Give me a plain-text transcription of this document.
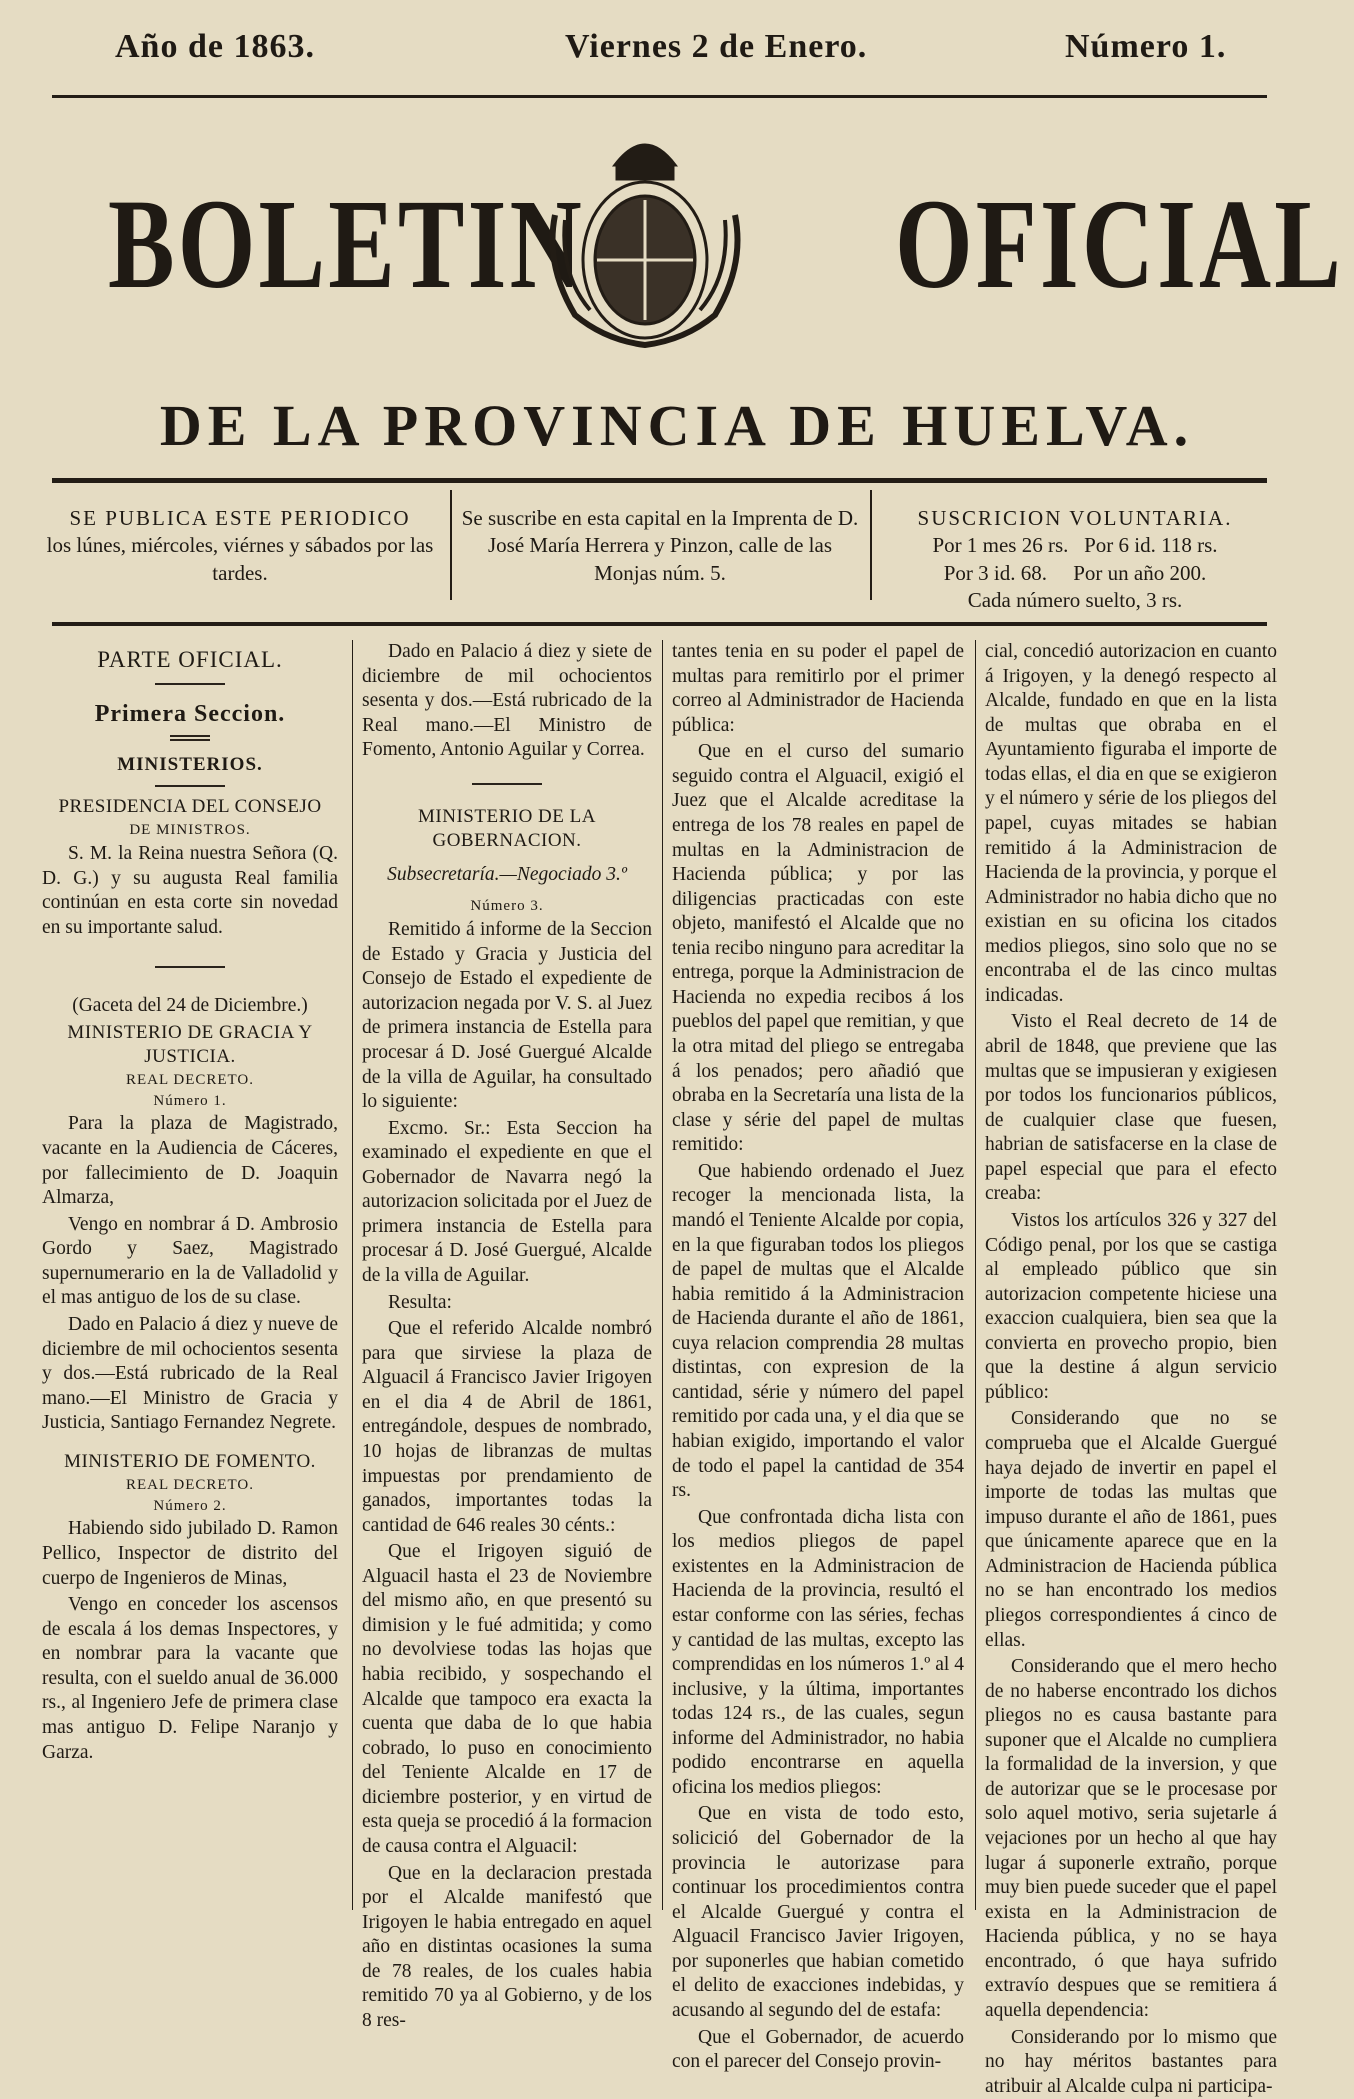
Año de 1863.	Viernes 2 de Enero.	Número 1.
BOLETIN OFICIAL
DE LA PROVINCIA DE HUELVA.
SE PUBLICA ESTE PERIODICO
los lúnes, miércoles, viérnes y sábados por las tardes.
Se suscribe en esta capital en la Imprenta de D. José María Herrera y Pinzon, calle de las Monjas núm. 5.
SUSCRICION VOLUNTARIA.
Por 1 mes 26 rs. Por 6 id. 118 rs.
Por 3 id. 68. Por un año 200.
Cada número suelto, 3 rs.

PARTE OFICIAL.

Primera Seccion.

MINISTERIOS.

PRESIDENCIA DEL CONSEJO

DE MINISTROS.

S. M. la Reina nuestra Señora (Q. D. G.) y su augusta Real familia continúan en esta corte sin novedad en su importante salud.

(Gaceta del 24 de Diciembre.)

MINISTERIO DE GRACIA Y JUSTICIA.

REAL DECRETO.

Número 1.

Para la plaza de Magistrado, vacante en la Audiencia de Cáceres, por fallecimiento de D. Joaquin Almarza,

Vengo en nombrar á D. Ambrosio Gordo y Saez, Magistrado supernumerario en la de Valladolid y el mas antiguo de los de su clase.

Dado en Palacio á diez y nueve de diciembre de mil ochocientos sesenta y dos.—Está rubricado de la Real mano.—El Ministro de Gracia y Justicia, Santiago Fernandez Negrete.

MINISTERIO DE FOMENTO.

REAL DECRETO.

Número 2.

Habiendo sido jubilado D. Ramon Pellico, Inspector de distrito del cuerpo de Ingenieros de Minas,

Vengo en conceder los ascensos de escala á los demas Inspectores, y en nombrar para la vacante que resulta, con el sueldo anual de 36.000 rs., al Ingeniero Jefe de primera clase mas antiguo D. Felipe Naranjo y Garza.

Dado en Palacio á diez y siete de diciembre de mil ochocientos sesenta y dos.—Está rubricado de la Real mano.—El Ministro de Fomento, Antonio Aguilar y Correa.

MINISTERIO DE LA GOBERNACION.

Subsecretaría.—Negociado 3.º

Número 3.

Remitido á informe de la Seccion de Estado y Gracia y Justicia del Consejo de Estado el expediente de autorizacion negada por V. S. al Juez de primera instancia de Estella para procesar á D. José Guergué Alcalde de la villa de Aguilar, ha consultado lo siguiente:

Excmo. Sr.: Esta Seccion ha examinado el expediente en que el Gobernador de Navarra negó la autorizacion solicitada por el Juez de primera instancia de Estella para procesar á D. José Guergué, Alcalde de la villa de Aguilar.

Resulta:

Que el referido Alcalde nombró para que sirviese la plaza de Alguacil á Francisco Javier Irigoyen en el dia 4 de Abril de 1861, entregándole, despues de nombrado, 10 hojas de libranzas de multas impuestas por prendamiento de ganados, importantes todas la cantidad de 646 reales 30 cénts.:

Que el Irigoyen siguió de Alguacil hasta el 23 de Noviembre del mismo año, en que presentó su dimision y le fué admitida; y como no devolviese todas las hojas que habia recibido, y sospechando el Alcalde que tampoco era exacta la cuenta que daba de lo que habia cobrado, lo puso en conocimiento del Teniente Alcalde en 17 de diciembre posterior, y en virtud de esta queja se procedió á la formacion de causa contra el Alguacil:

Que en la declaracion prestada por el Alcalde manifestó que Irigoyen le habia entregado en aquel año en distintas ocasiones la suma de 78 reales, de los cuales habia remitido 70 ya al Gobierno, y de los 8 res-

tantes tenia en su poder el papel de multas para remitirlo por el primer correo al Administrador de Hacienda pública:

Que en el curso del sumario seguido contra el Alguacil, exigió el Juez que el Alcalde acreditase la entrega de los 78 reales en papel de multas en la Administracion de Hacienda pública; y por las diligencias practicadas con este objeto, manifestó el Alcalde que no tenia recibo ninguno para acreditar la entrega, porque la Administracion de Hacienda no expedia recibos á los pueblos del papel que remitian, y que la otra mitad del pliego se entregaba á los penados; pero añadió que obraba en la Secretaría una lista de la clase y série del papel de multas remitido:

Que habiendo ordenado el Juez recoger la mencionada lista, la mandó el Teniente Alcalde por copia, en la que figuraban todos los pliegos de papel de multas que el Alcalde habia remitido á la Administracion de Hacienda durante el año de 1861, cuya relacion comprendia 28 multas distintas, con expresion de la cantidad, série y número del papel remitido por cada una, y el dia que se habian exigido, importando el valor de todo el papel la cantidad de 354 rs.

Que confrontada dicha lista con los medios pliegos de papel existentes en la Administracion de Hacienda de la provincia, resultó el estar conforme con las séries, fechas y cantidad de las multas, excepto las comprendidas en los números 1.º al 4 inclusive, y la última, importantes todas 124 rs., de las cuales, segun informe del Administrador, no habia podido encontrarse en aquella oficina los medios pliegos:

Que en vista de todo esto, solicició del Gobernador de la provincia le autorizase para continuar los procedimientos contra el Alcalde Guergué y contra el Alguacil Francisco Javier Irigoyen, por suponerles que habian cometido el delito de exacciones indebidas, y acusando al segundo del de estafa:

Que el Gobernador, de acuerdo con el parecer del Consejo provin-

cial, concedió autorizacion en cuanto á Irigoyen, y la denegó respecto al Alcalde, fundado en que en la lista de multas que obraba en el Ayuntamiento figuraba el importe de todas ellas, el dia en que se exigieron y el número y série de los pliegos del papel, cuyas mitades se habian remitido á la Administracion de Hacienda de la provincia, y porque el Administrador no habia dicho que no existian en su oficina los citados medios pliegos, sino solo que no se encontraba el de las cinco multas indicadas.

Visto el Real decreto de 14 de abril de 1848, que previene que las multas que se impusieran y exigiesen por todos los funcionarios públicos, de cualquier clase que fuesen, habrian de satisfacerse en la clase de papel especial que para el efecto creaba:

Vistos los artículos 326 y 327 del Código penal, por los que se castiga al empleado público que sin autorizacion competente hiciese una exaccion cualquiera, bien sea que la convierta en provecho propio, bien que la destine á algun servicio público:

Considerando que no se comprueba que el Alcalde Guergué haya dejado de invertir en papel el importe de todas las multas que impuso durante el año de 1861, pues que únicamente aparece que en la Administracion de Hacienda pública no se han encontrado los medios pliegos correspondientes á cinco de ellas.

Considerando que el mero hecho de no haberse encontrado los dichos pliegos no es causa bastante para suponer que el Alcalde no cumpliera la formalidad de la inversion, y que de autorizar que se le procesase por solo aquel motivo, seria sujetarle á vejaciones por un hecho al que hay lugar á suponerle extraño, porque muy bien puede suceder que el papel exista en la Administracion de Hacienda pública, y no se haya encontrado, ó que haya sufrido extravío despues que se remitiera á aquella dependencia:

Considerando por lo mismo que no hay méritos bastantes para atribuir al Alcalde culpa ni participa-
